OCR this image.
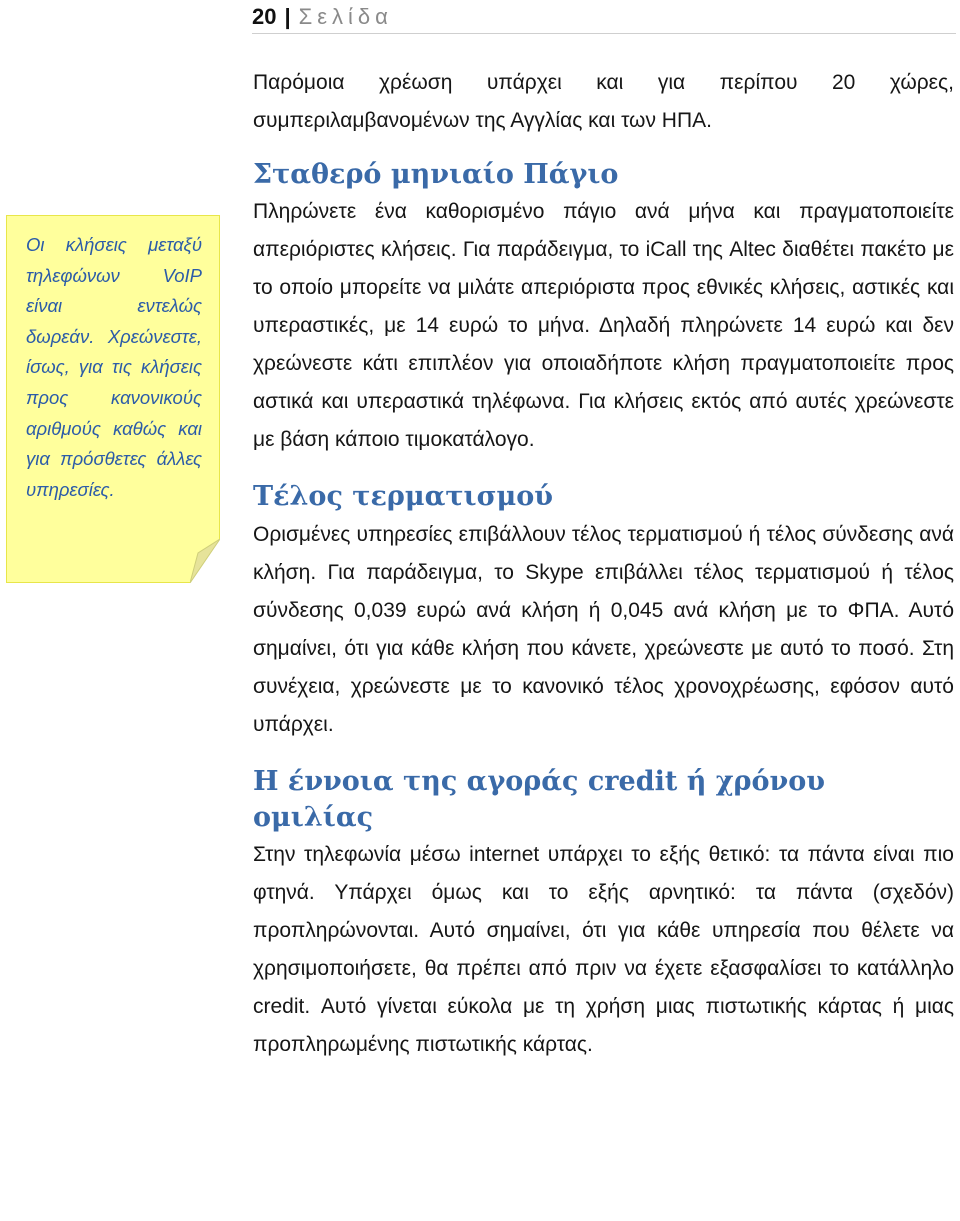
20 | Σελίδα

Οι κλήσεις μεταξύ τηλεφώνων VoIP είναι εντελώς δωρεάν. Χρεώνεστε, ίσως, για τις κλήσεις προς κανονικούς αριθμούς καθώς και για πρόσθετες άλλες υπηρεσίες.

Παρόμοια χρέωση υπάρχει και για περίπου 20 χώρες, συμπεριλαμβανομένων της Αγγλίας και των ΗΠΑ.

Σταθερό μηνιαίο Πάγιο

Πληρώνετε ένα καθορισμένο πάγιο ανά μήνα και πραγματοποιείτε απεριόριστες κλήσεις. Για παράδειγμα, το iCall της Altec διαθέτει πακέτο με το οποίο μπορείτε να μιλάτε απεριόριστα προς εθνικές κλήσεις, αστικές και υπεραστικές, με 14 ευρώ το μήνα. Δηλαδή πληρώνετε 14 ευρώ και δεν χρεώνεστε κάτι επιπλέον για οποιαδήποτε κλήση πραγματοποιείτε προς αστικά και υπεραστικά τηλέφωνα. Για κλήσεις εκτός από αυτές χρεώνεστε με βάση κάποιο τιμοκατάλογο.

Τέλος τερματισμού

Ορισμένες υπηρεσίες επιβάλλουν τέλος τερματισμού ή τέλος σύνδεσης ανά κλήση. Για παράδειγμα, το Skype επιβάλλει τέλος τερματισμού ή τέλος σύνδεσης 0,039 ευρώ ανά κλήση ή 0,045 ανά κλήση με το ΦΠΑ. Αυτό σημαίνει, ότι για κάθε κλήση που κάνετε, χρεώνεστε με αυτό το ποσό. Στη συνέχεια, χρεώνεστε με το κανονικό τέλος χρονοχρέωσης, εφόσον αυτό υπάρχει.

Η έννοια της αγοράς credit ή χρόνου ομιλίας

Στην τηλεφωνία μέσω internet υπάρχει το εξής θετικό: τα πάντα είναι πιο φτηνά. Υπάρχει όμως και το εξής αρνητικό: τα πάντα (σχεδόν) προπληρώνονται. Αυτό σημαίνει, ότι για κάθε υπηρεσία που θέλετε να χρησιμοποιήσετε, θα πρέπει από πριν να έχετε εξασφαλίσει το κατάλληλο credit. Αυτό γίνεται εύκολα με τη χρήση μιας πιστωτικής κάρτας ή μιας προπληρωμένης πιστωτικής κάρτας.
